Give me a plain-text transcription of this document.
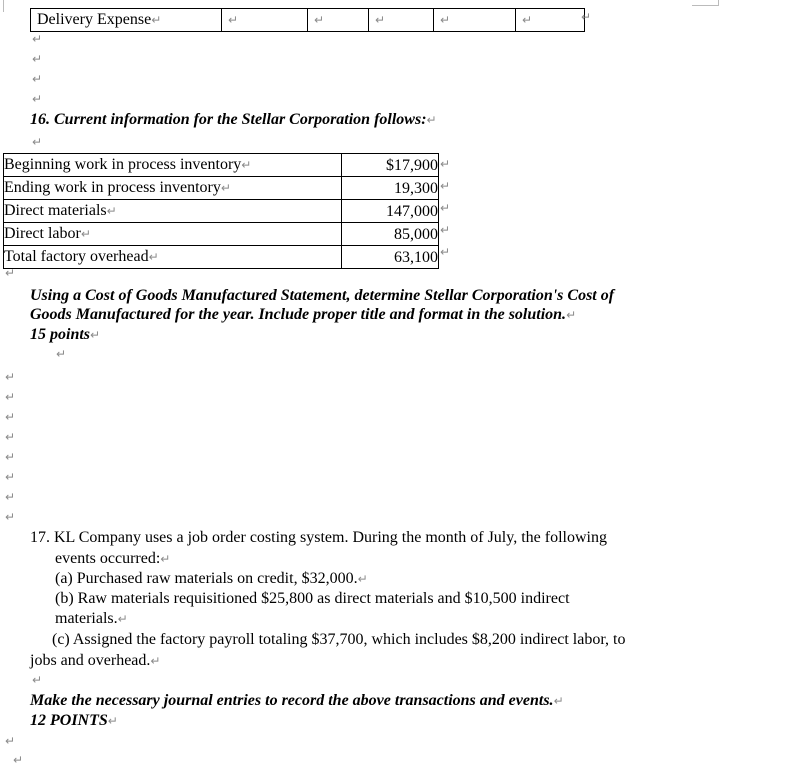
Delivery Expense↵	↵	↵	↵	↵	↵	↵
↵
↵
↵
↵
16. Current information for the Stellar Corporation follows:↵
↵
Beginning work in process inventory↵	$17,900
Ending work in process inventory↵	19,300
Direct materials↵	147,000
Direct labor↵	85,000
Total factory overhead↵	63,100
↵
↵
↵
↵
↵
↵
Using a Cost of Goods Manufactured Statement, determine Stellar Corporation's Cost of
Goods Manufactured for the year. Include proper title and format in the solution.↵
15 points↵
↵
↵
↵
↵
↵
↵
↵
↵
↵
17. KL Company uses a job order costing system. During the month of July, the following
events occurred:↵
(a) Purchased raw materials on credit, $32,000.↵
(b) Raw materials requisitioned $25,800 as direct materials and $10,500 indirect
materials.↵
(c) Assigned the factory payroll totaling $37,700, which includes $8,200 indirect labor, to
jobs and overhead.↵
↵
Make the necessary journal entries to record the above transactions and events.↵
12 POINTS↵
↵
↵
